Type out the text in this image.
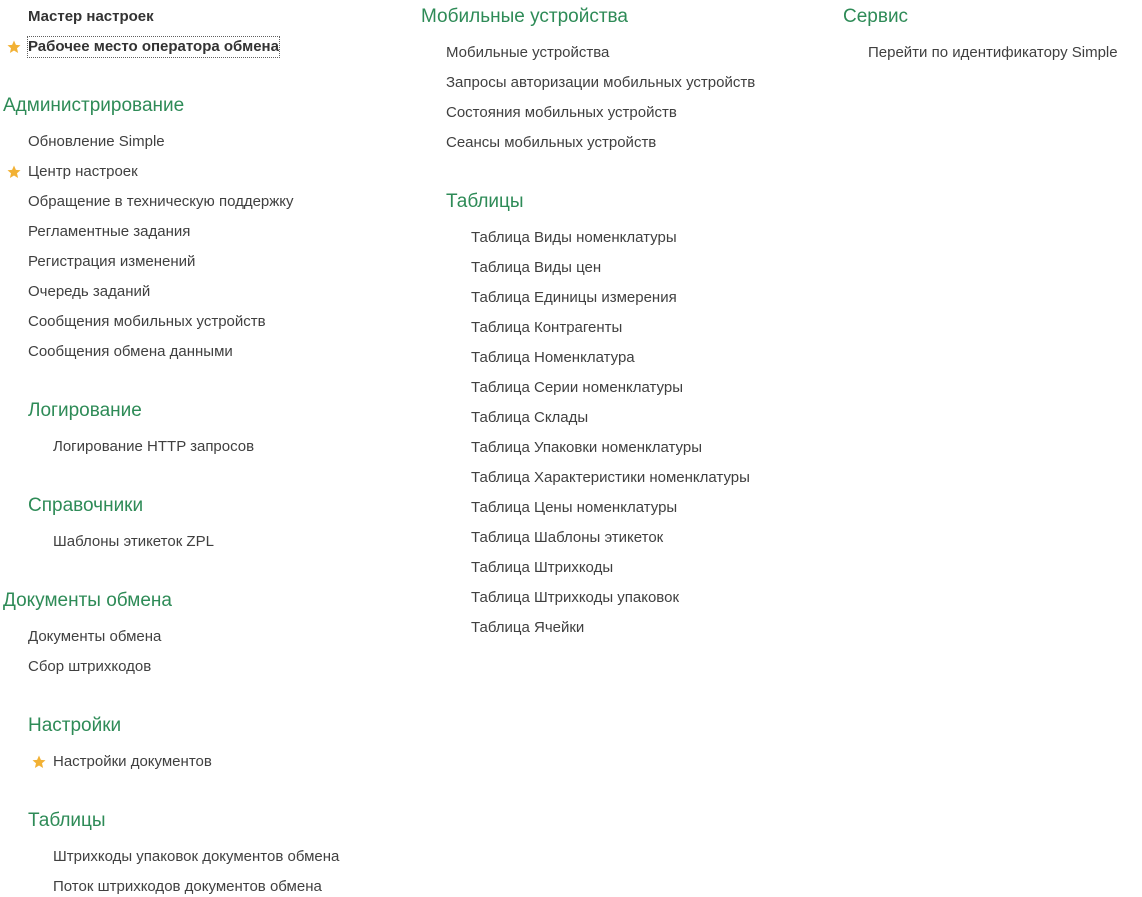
Мастер настроек
Рабочее место оператора обмена
Администрирование
Обновление Simple
Центр настроек
Обращение в техническую поддержку
Регламентные задания
Регистрация изменений
Очередь заданий
Сообщения мобильных устройств
Сообщения обмена данными
Логирование
Логирование HTTP запросов
Справочники
Шаблоны этикеток ZPL
Документы обмена
Документы обмена
Сбор штрихкодов
Настройки
Настройки документов
Таблицы
Штрихкоды упаковок документов обмена
Поток штрихкодов документов обмена
Мобильные устройства
Мобильные устройства
Запросы авторизации мобильных устройств
Состояния мобильных устройств
Сеансы мобильных устройств
Таблицы
Таблица Виды номенклатуры
Таблица Виды цен
Таблица Единицы измерения
Таблица Контрагенты
Таблица Номенклатура
Таблица Серии номенклатуры
Таблица Склады
Таблица Упаковки номенклатуры
Таблица Характеристики номенклатуры
Таблица Цены номенклатуры
Таблица Шаблоны этикеток
Таблица Штрихкоды
Таблица Штрихкоды упаковок
Таблица Ячейки
Сервис
Перейти по идентификатору Simple
